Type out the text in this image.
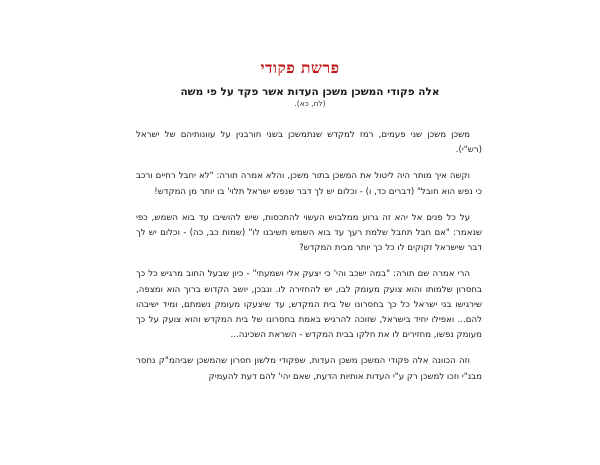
פרשת פקודי
אלה פקודי המשכן משכן העדות אשר פקד על פי משה
(לח, כא).

משכן משכן שני פעמים, רמז למקדש שנתמשכן בשני חורבנין על עוונותיהם של ישראל (רש"י).

וקשה איך מותר היה ליטול את המשכן בתור משכן, והלא אמרה תורה: "לא יחבל רחיים ורכב כי נפש הוא חובל" (דברים כד, ו) - וכלום יש לך דבר שנפש ישראל תלוי' בו יותר מן המקדש!

על כל פנים אל יהא זה גרוע ממלבוש העשוי להתכסות, שיש להושיבו עד בוא השמש, כפי שנאמר: "אם חבל תחבל שלמת רעך עד בוא השמש תשיבנו לו" (שמות כב, כה) - וכלום יש לך דבר שישראל זקוקים לו כל כך יותר מבית המקדש?

הרי אמרה שם תורה: "במה ישכב והי' כי יצעק אלי ושמעתי" - כיון שבעל החוב מרגיש כל כך בחסרון שלמותו והוא צועק מעומק לבו, יש להחזירה לו. ונבכן, יושב הקדוש ברוך הוא ומצפה, שירגישו בני ישראל כל כך בחסרונו של בית המקדש, עד שיצעקו מעומק נשמתם, ומיד ישיבהו להם... ואפילו יחיד בישראל, שזוכה להרגיש באמת בחסרונו של בית המקדש והוא צועק על כך מעומק נפשו, מחזירים לו את חלקו בבית המקדש - השראת השכינה...

וזה הכוונה אלה פקודי המשכן משכן העדות, שפקודי מלשון חסרון שהמשכן שביהמ"ק נחסר מבנ"י וזכו למשכן רק ע"י העדות אותיות הדעת, שאם יהי' להם דעת להעמיק
